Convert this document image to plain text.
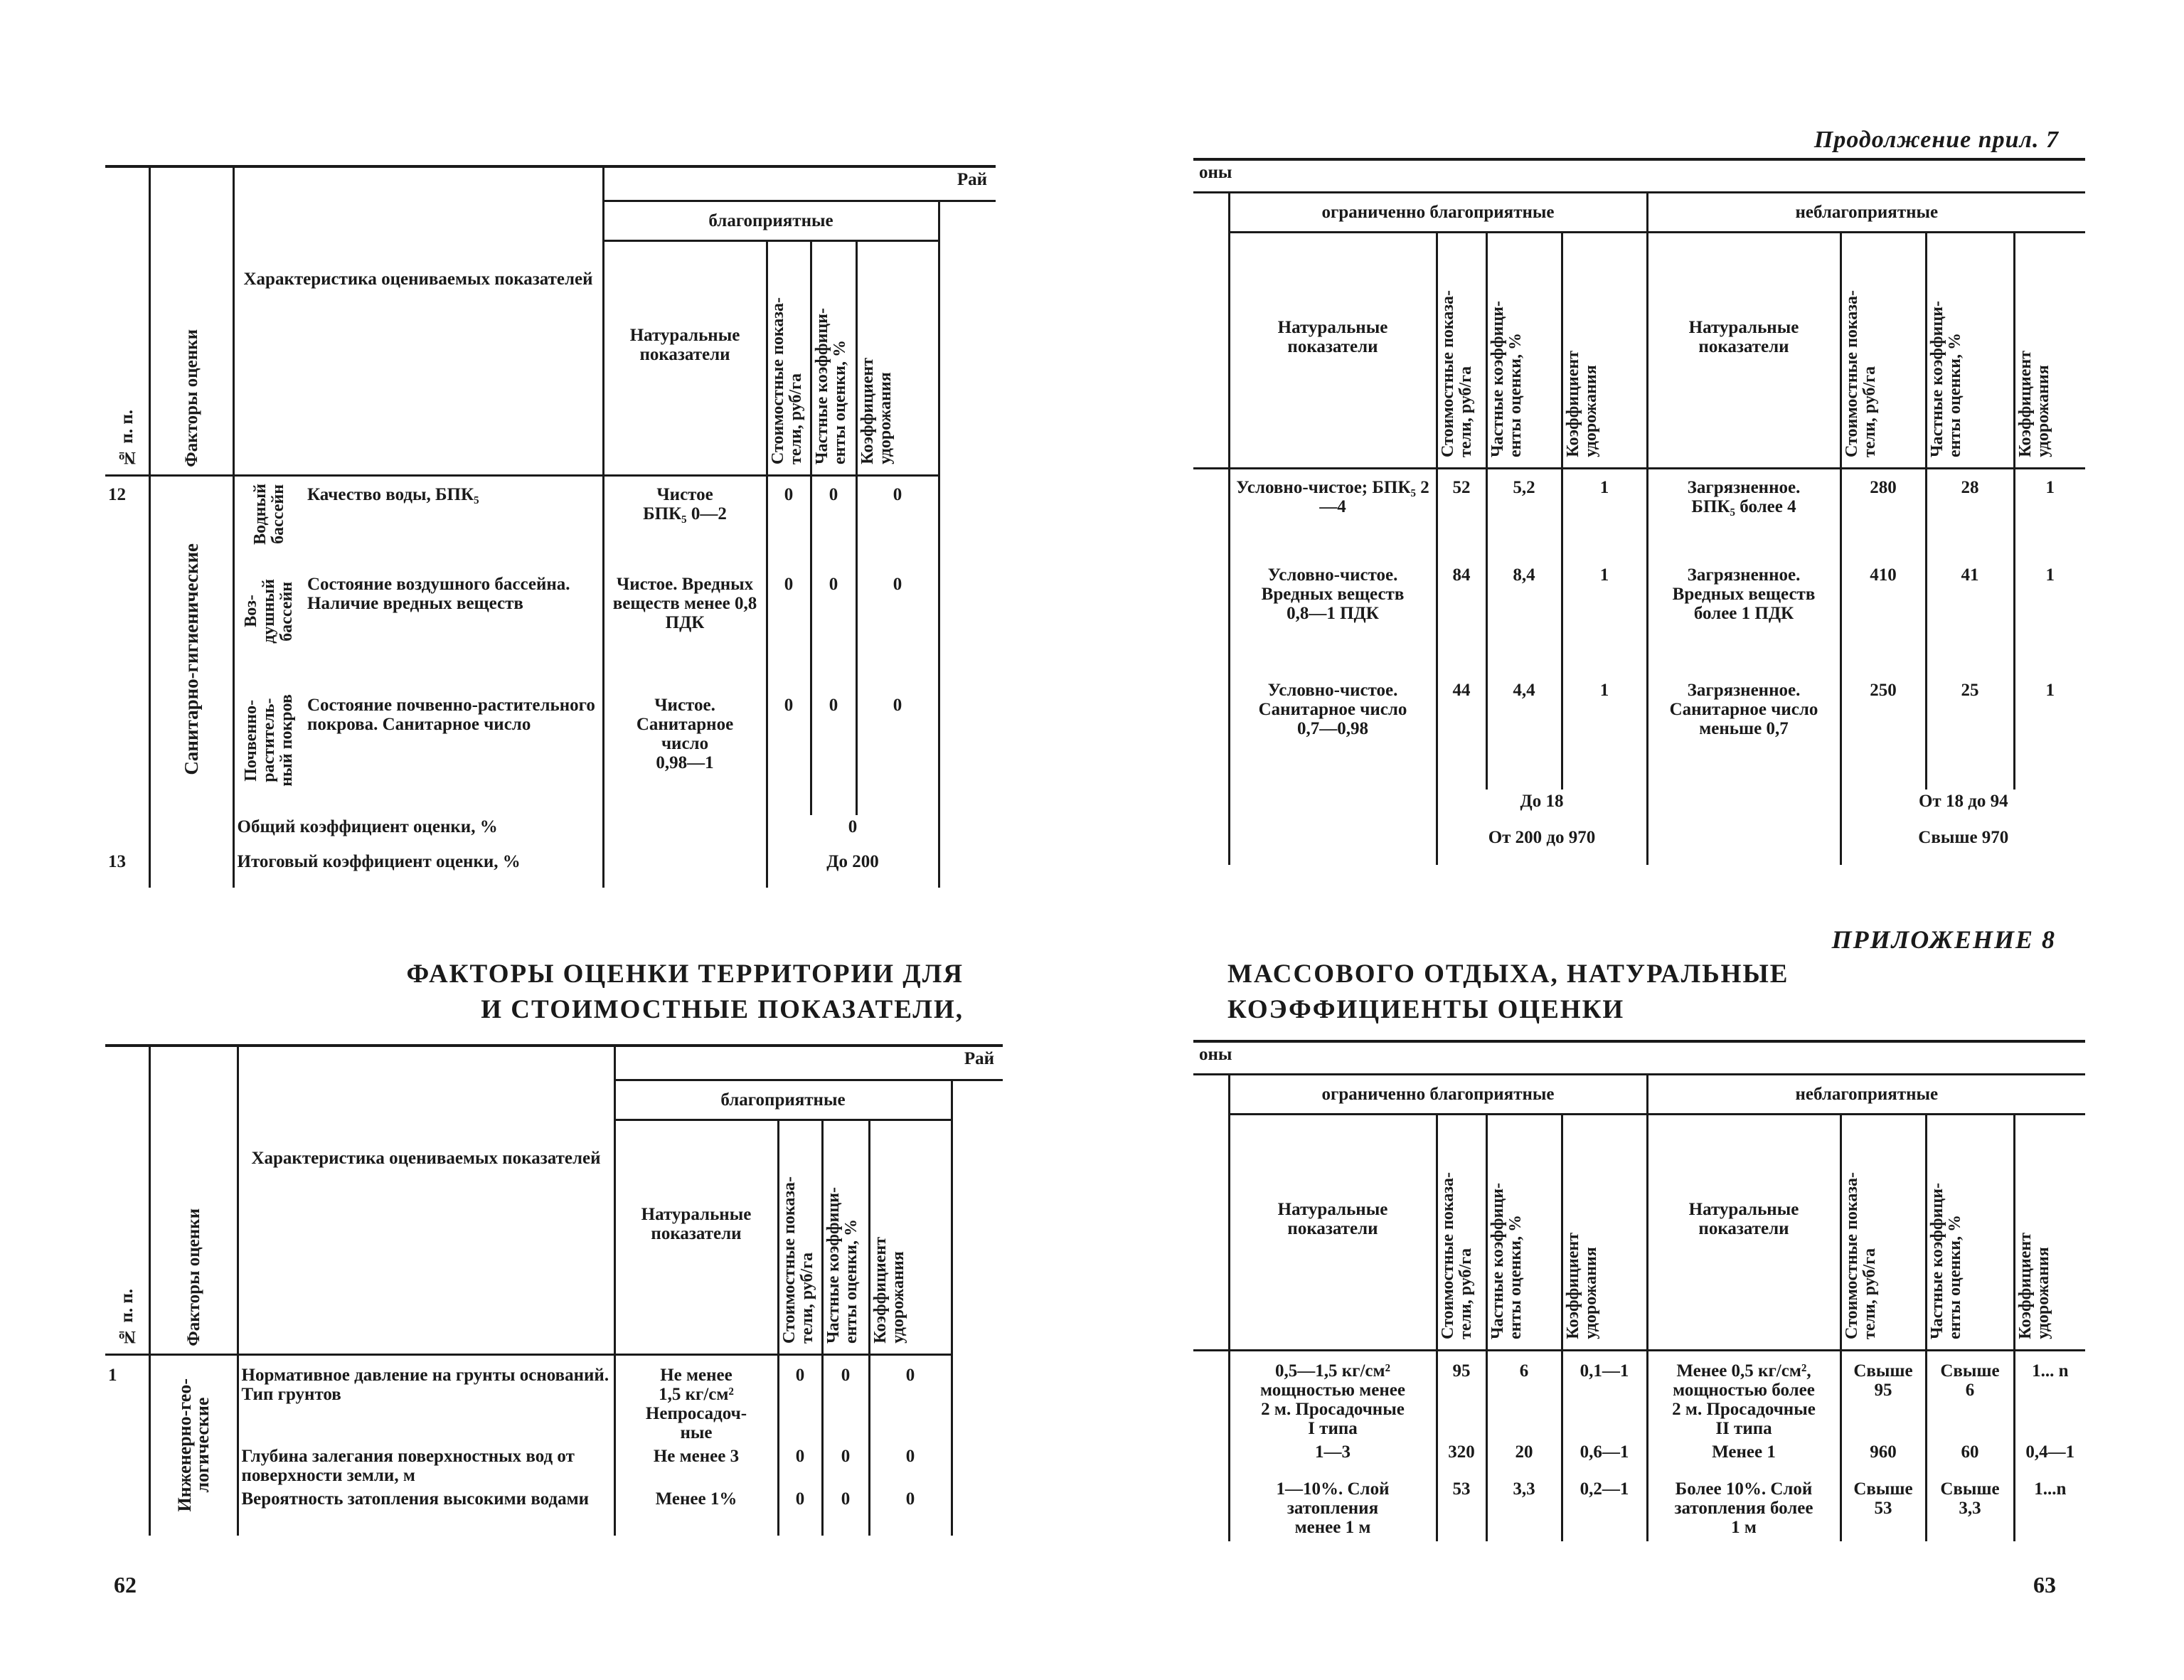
№ п. п.	Факторы оценки	Характеристика оцениваемых показателей		Рай				
				благоприятные				
				Натуральные показатели	Стоимостные показа-
тели, руб/га	Частные коэффици-
енты оценки, %	Коэффициент
удорожания	
12	Санитарно-гигиенические	Водный
бассейн	Качество воды, БПК₅	Чистое
БПК₅ 0—2	0	0	0	

		Воз-
душный
бассейн	Состояние воздушного бассейна. Наличие вредных веществ	Чистое. Вредных веществ менее 0,8 ПДК	0	0	0	

		Почвенно-
раститель-
ный покров	Состояние почвенно-растительного покрова. Санитарное число	Чистое.
Санитарное
число
0,98—1	0	0	0	
		Общий коэффициент оценки, %			0			
13		Итоговый коэффициент оценки, %			До 200			
ФАКТОРЫ ОЦЕНКИ ТЕРРИТОРИИ ДЛЯ
И СТОИМОСТНЫЕ ПОКАЗАТЕЛИ,
№ п. п.	Факторы оценки	Характеристика оцениваемых показателей	Рай				
			благоприятные				
			Натуральные показатели	Стоимостные показа-
тели, руб/га	Частные коэффици-
енты оценки, %	Коэффициент
удорожания	
1	Инженерно-гео-
логические	Нормативное давление на грунты оснований. Тип грунтов	Не менее
1,5 кг/см²
Непросадоч-
ные	0	0	0	
		Глубина залегания поверхностных вод от поверхности земли, м	Не менее 3	0	0	0	
		Вероятность затопления высокими водами	Менее 1%	0	0	0	
62
Продолжение прил. 7
оны								
	ограниченно благоприятные				неблагоприятные			
	Натуральные показатели	Стоимостные показа-
тели, руб/га	Частные коэффици-
енты оценки, %	Коэффициент
удорожания	Натуральные показатели	Стоимостные показа-
тели, руб/га	Частные коэффици-
енты оценки, %	Коэффициент
удорожания
	Условно-чистое; БПК₅ 2—4	52	5,2	1	Загрязненное.
БПК₅ более 4	280	28	1
	Условно-чистое.
Вредных веществ
0,8—1 ПДК	84	8,4	1	Загрязненное.
Вредных веществ
более 1 ПДК	410	41	1
	Условно-чистое.
Санитарное число
0,7—0,98	44	4,4	1	Загрязненное.
Санитарное число
меньше 0,7	250	25	1
		До 18				От 18 до 94		
		От 200 до 970				Свыше 970		
ПРИЛОЖЕНИЕ 8
МАССОВОГО ОТДЫХА, НАТУРАЛЬНЫЕ
КОЭФФИЦИЕНТЫ ОЦЕНКИ
оны								
	ограниченно благоприятные				неблагоприятные			
	Натуральные показатели	Стоимостные показа-
тели, руб/га	Частные коэффици-
енты оценки, %	Коэффициент
удорожания	Натуральные показатели	Стоимостные показа-
тели, руб/га	Частные коэффици-
енты оценки, %	Коэффициент
удорожания
	0,5—1,5 кг/см²
мощностью менее
2 м. Просадочные
I типа	95	6	0,1—1	Менее 0,5 кг/см²,
мощностью более
2 м. Просадочные
II типа	Свыше
95	Свыше
6	1... n
	1—3	320	20	0,6—1	Менее 1	960	60	0,4—1
	1—10%. Слой
затопления
менее 1 м	53	3,3	0,2—1	Более 10%. Слой
затопления более
1 м	Свыше
53	Свыше
3,3	1...n
63
